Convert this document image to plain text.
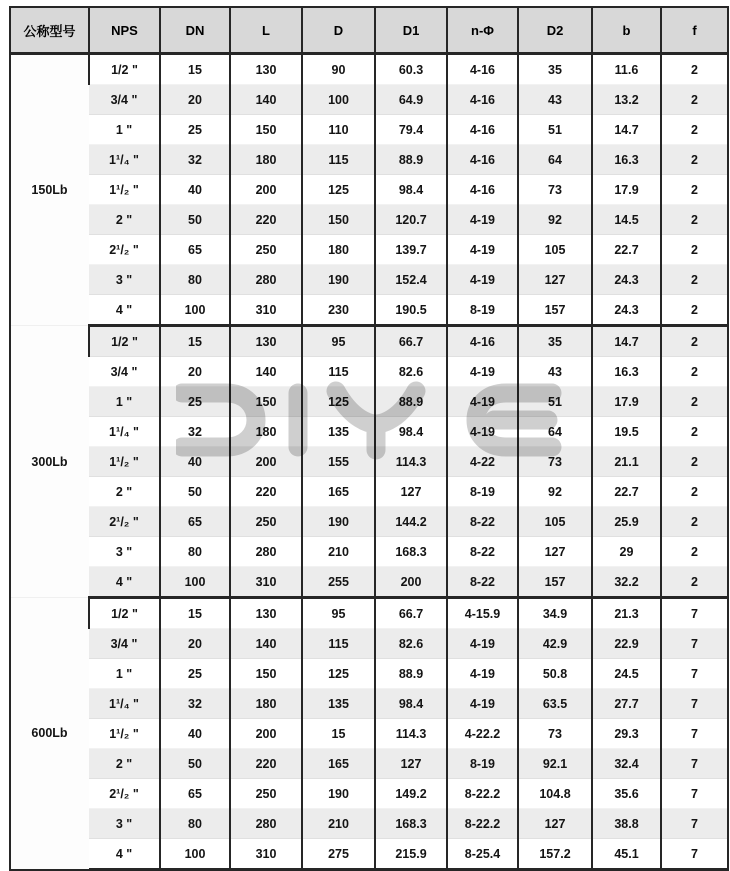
公称型号	NPS	DN	L	D	D1	n-Φ	D2	b	f
150Lb	1/2 "	15	130	90	60.3	4-16	35	11.6	2
	3/4 "	20	140	100	64.9	4-16	43	13.2	2
	1 "	25	150	110	79.4	4-16	51	14.7	2
	1¹/₄ "	32	180	115	88.9	4-16	64	16.3	2
	1¹/₂ "	40	200	125	98.4	4-16	73	17.9	2
	2 "	50	220	150	120.7	4-19	92	14.5	2
	2¹/₂ "	65	250	180	139.7	4-19	105	22.7	2
	3 "	80	280	190	152.4	4-19	127	24.3	2
	4 "	100	310	230	190.5	8-19	157	24.3	2
300Lb	1/2 "	15	130	95	66.7	4-16	35	14.7	2
	3/4 "	20	140	115	82.6	4-19	43	16.3	2
	1 "	25	150	125	88.9	4-19	51	17.9	2
	1¹/₄ "	32	180	135	98.4	4-19	64	19.5	2
	1¹/₂ "	40	200	155	114.3	4-22	73	21.1	2
	2 "	50	220	165	127	8-19	92	22.7	2
	2¹/₂ "	65	250	190	144.2	8-22	105	25.9	2
	3 "	80	280	210	168.3	8-22	127	29	2
	4 "	100	310	255	200	8-22	157	32.2	2
600Lb	1/2 "	15	130	95	66.7	4-15.9	34.9	21.3	7
	3/4 "	20	140	115	82.6	4-19	42.9	22.9	7
	1 "	25	150	125	88.9	4-19	50.8	24.5	7
	1¹/₄ "	32	180	135	98.4	4-19	63.5	27.7	7
	1¹/₂ "	40	200	15	114.3	4-22.2	73	29.3	7
	2 "	50	220	165	127	8-19	92.1	32.4	7
	2¹/₂ "	65	250	190	149.2	8-22.2	104.8	35.6	7
	3 "	80	280	210	168.3	8-22.2	127	38.8	7
	4 "	100	310	275	215.9	8-25.4	157.2	45.1	7
